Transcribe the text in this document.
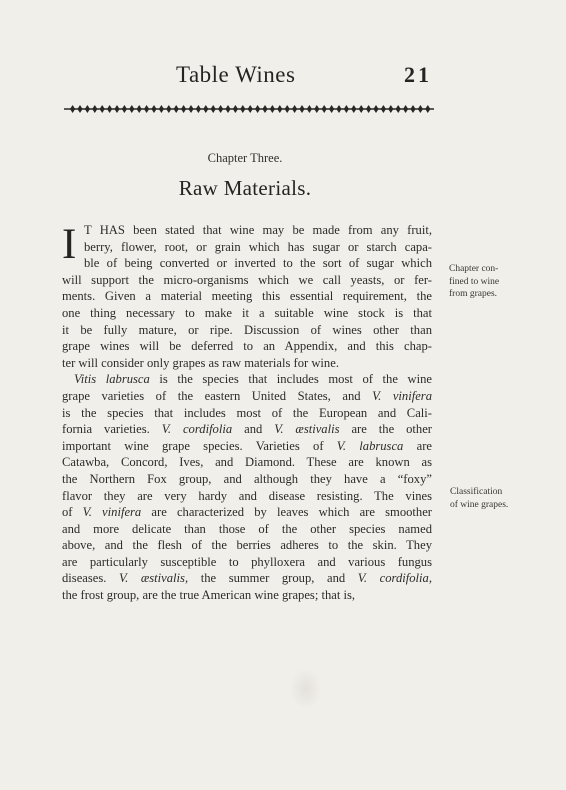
Table Wines	21
Chapter Three.
Raw Materials.
I T HAS been stated that wine may be made from any fruit,
berry, flower, root, or grain which has sugar or starch capa-
ble of being converted or inverted to the sort of sugar which
will support the micro-organisms which we call yeasts, or fer-
ments. Given a material meeting this essential requirement, the
one thing necessary to make it a suitable wine stock is that
it be fully mature, or ripe. Discussion of wines other than
grape wines will be deferred to an Appendix, and this chap-
ter will consider only grapes as raw materials for wine.
Vitis labrusca is the species that includes most of the wine
grape varieties of the eastern United States, and V. vinifera
is the species that includes most of the European and Cali-
fornia varieties. V. cordifolia and V. æstivalis are the other
important wine grape species. Varieties of V. labrusca are
Catawba, Concord, Ives, and Diamond. These are known as
the Northern Fox group, and although they have a “foxy”
flavor they are very hardy and disease resisting. The vines
of V. vinifera are characterized by leaves which are smoother
and more delicate than those of the other species named
above, and the flesh of the berries adheres to the skin. They
are particularly susceptible to phylloxera and various fungus
diseases. V. æstivalis, the summer group, and V. cordifolia,
the frost group, are the true American wine grapes; that is,
Chapter con-
fined to wine
from grapes.
Classification
of wine grapes.
